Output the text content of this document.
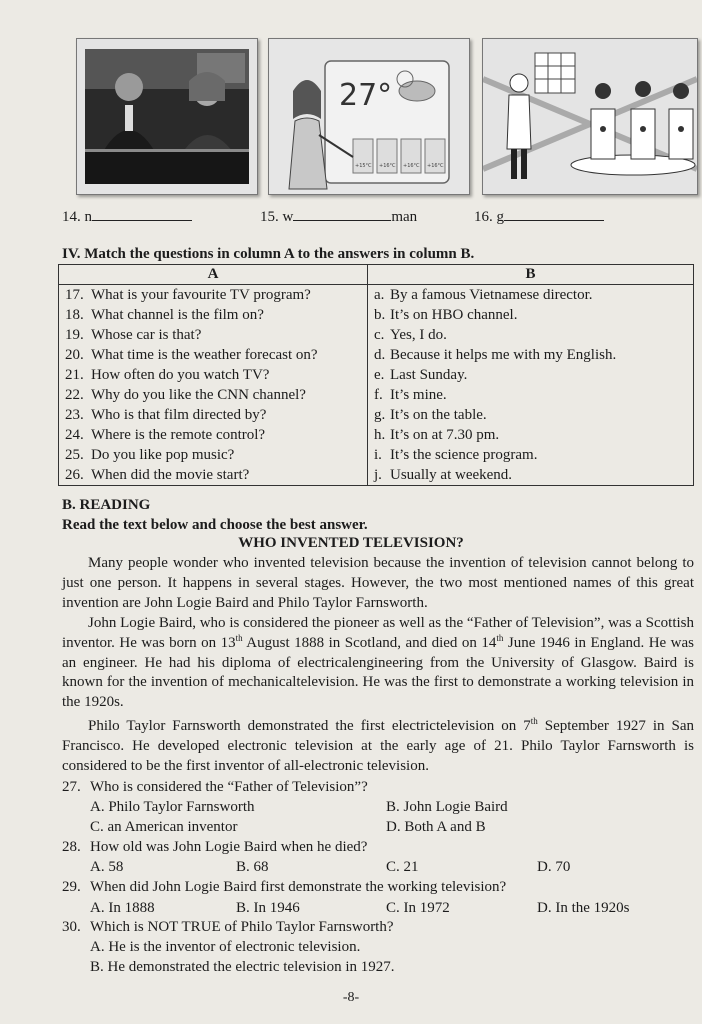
27°
+15°C +16°C +16°C +16°C
14. n	15. w	man	16. g
IV. Match the questions in column A to the answers in column B.
A	B
17. What is your favourite TV program?	a. By a famous Vietnamese director.
18. What channel is the film on?	b. It’s on HBO channel.
19. Whose car is that?	c. Yes, I do.
20. What time is the weather forecast on?	d. Because it helps me with my English.
21. How often do you watch TV?	e. Last Sunday.
22. Why do you like the CNN channel?	f. It’s mine.
23. Who is that film directed by?	g. It’s on the table.
24. Where is the remote control?	h. It’s on at 7.30 pm.
25. Do you like pop music?	i. It’s the science program.
26. When did the movie start?	j. Usually at weekend.
B. READING
Read the text below and choose the best answer.
WHO INVENTED TELEVISION?
Many people wonder who invented television because the invention of television cannot belong to just one person. It happens in several stages. However, the two most mentioned names of this great invention are John Logie Baird and Philo Taylor Farnsworth.
John Logie Baird, who is considered the pioneer as well as the “Father of Television”, was a Scottish inventor. He was born on 13th August 1888 in Scotland, and died on 14th June 1946 in England. He was an engineer. He had his diploma of electricalengineering from the University of Glasgow. Baird is known for the invention of mechanicaltelevision. He was the first to demonstrate a working television in the 1920s.
Philo Taylor Farnsworth demonstrated the first electrictelevision on 7th September 1927 in San Francisco. He developed electronic television at the early age of 21. Philo Taylor Farnsworth is considered to be the first inventor of all-electronic television.
27. Who is considered the “Father of Television”?
A. Philo Taylor Farnsworth	B. John Logie Baird
C. an American inventor	D. Both A and B
28. How old was John Logie Baird when he died?
A. 58	B. 68	C. 21	D. 70
29. When did John Logie Baird first demonstrate the working television?
A. In 1888	B. In 1946	C. In 1972	D. In the 1920s
30. Which is NOT TRUE of Philo Taylor Farnsworth?
A. He is the inventor of electronic television.
B. He demonstrated the electric television in 1927.
-8-
